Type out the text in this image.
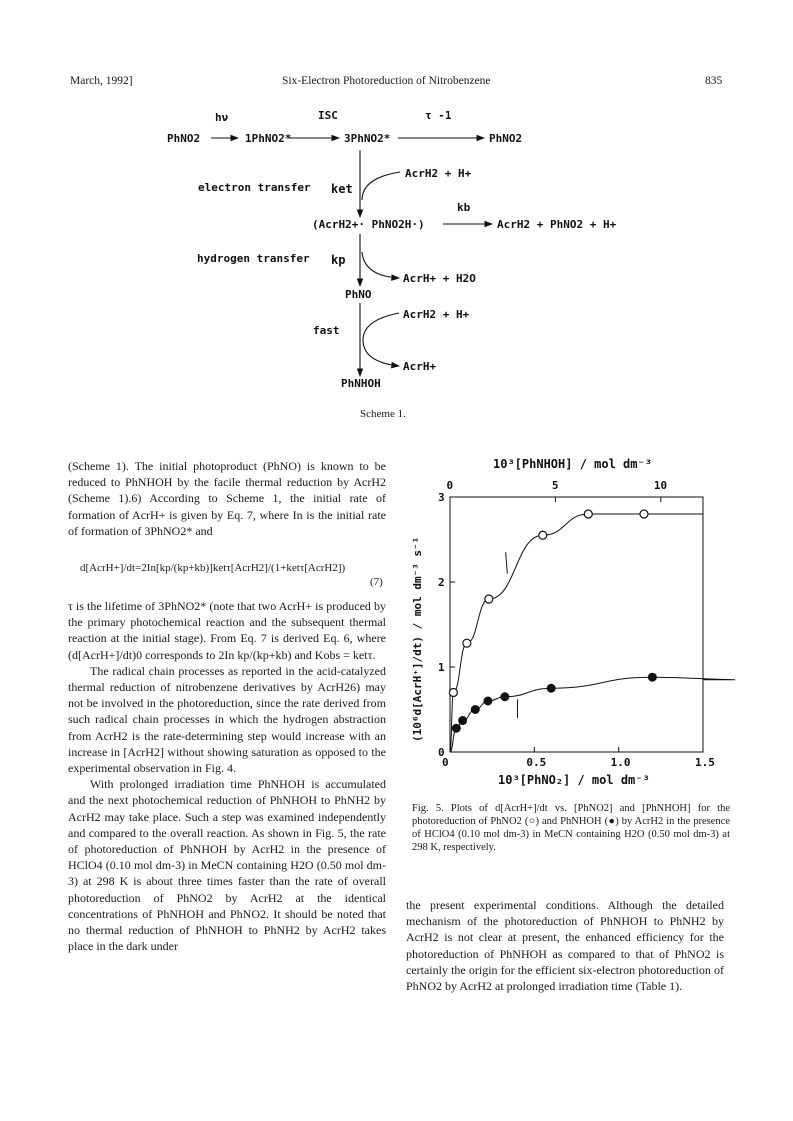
March, 1992]	Six-Electron Photoreduction of Nitrobenzene	835
hν	ISC	τ -1
PhNO2	1PhNO2*	3PhNO2*	PhNO2
AcrH2 + H+
electron transfer ket
kb
(AcrH2+· PhNO2H·)	AcrH2 + PhNO2 + H+
hydrogen transfer kp
AcrH+ + H2O
PhNO
AcrH2 + H+
fast
AcrH+
PhNHOH
Scheme 1.

(Scheme 1). The initial photoproduct (PhNO) is known to be reduced to PhNHOH by the facile thermal reduction by AcrH2 (Scheme 1).6) According to Scheme 1, the initial rate of formation of AcrH+ is given by Eq. 7, where In is the initial rate of formation of 3PhNO2* and

d[AcrH+]/dt=2In[kp/(kp+kb)]ketτ[AcrH2]/(1+ketτ[AcrH2])
(7)

τ is the lifetime of 3PhNO2* (note that two AcrH+ is produced by the primary photochemical reaction and the subsequent thermal reaction at the initial stage). From Eq. 7 is derived Eq. 6, where (d[AcrH+]/dt)0 corresponds to 2In kp/(kp+kb) and Kobs = ketτ.

The radical chain processes as reported in the acid-catalyzed thermal reduction of nitrobenzene derivatives by AcrH26) may not be involved in the photoreduction, since the rate derived from such radical chain processes in which the hydrogen abstraction from AcrH2 is the rate-determining step would increase with an increase in [AcrH2] without showing saturation as opposed to the experimental observation in Fig. 4.

With prolonged irradiation time PhNHOH is accumulated and the next photochemical reduction of PhNHOH to PhNH2 by AcrH2 may take place. Such a step was examined independently and compared to the overall reaction. As shown in Fig. 5, the rate of photoreduction of PhNHOH by AcrH2 in the presence of HClO4 (0.10 mol dm-3) in MeCN containing H2O (0.50 mol dm-3) at 298 K is about three times faster than the rate of overall photoreduction of PhNO2 by AcrH2 at the identical concentrations of PhNHOH and PhNO2. It should be noted that no thermal reduction of PhNHOH to PhNH2 by AcrH2 takes place in the dark under

0	0.5	1.0	1.5
0	5	10
0
1
2
3
10³[PhNHOH] / mol dm⁻³
10³[PhNO₂] / mol dm⁻³
(10⁶d[AcrH⁺]/dt) / mol dm⁻³ s⁻¹
Fig. 5. Plots of d[AcrH+]/dt vs. [PhNO2] and [PhNHOH] for the photoreduction of PhNO2 (○) and PhNHOH (●) by AcrH2 in the presence of HClO4 (0.10 mol dm-3) in MeCN containing H2O (0.50 mol dm-3) at 298 K, respectively.

the present experimental conditions. Although the detailed mechanism of the photoreduction of PhNHOH to PhNH2 by AcrH2 is not clear at present, the enhanced efficiency for the photoreduction of PhNHOH as compared to that of PhNO2 is certainly the origin for the efficient six-electron photoreduction of PhNO2 by AcrH2 at prolonged irradiation time (Table 1).
